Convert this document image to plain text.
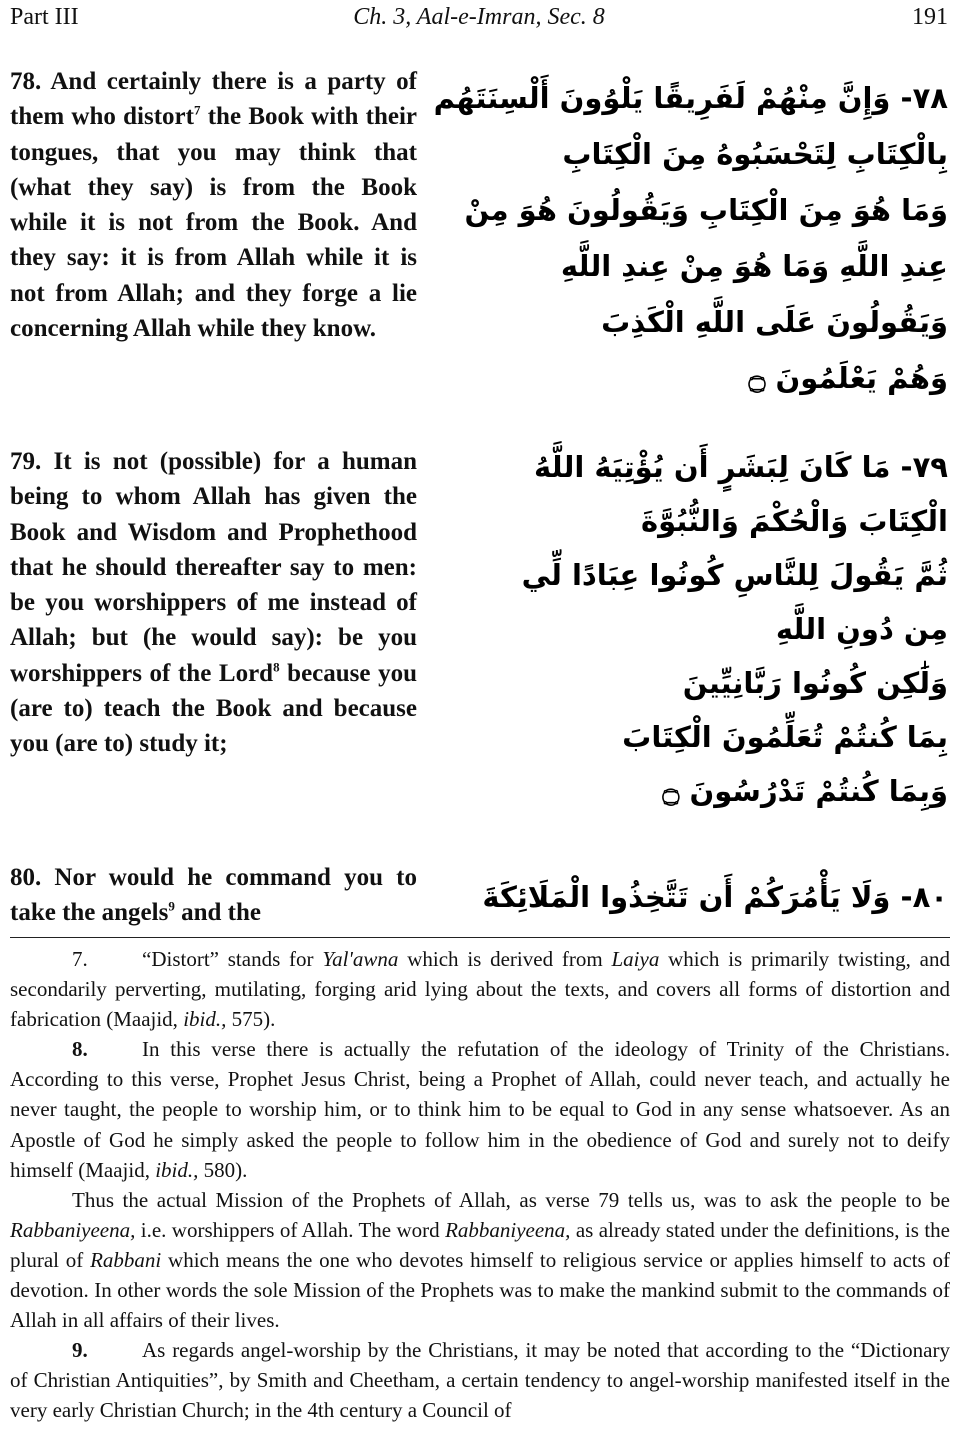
Part III	Ch. 3, Aal-e-Imran, Sec. 8	191
78. And certainly there is a party of them who distort$^7$ the Book with their tongues, that you may think that (what they say) is from the Book while it is not from the Book. And they say: it is from Allah while it is not from Allah; and they forge a lie concerning Allah while they know.
٧٨- وَإِنَّ مِنْهُمْ لَفَرِيقًا يَلْوُونَ أَلْسِنَتَهُم
بِالْكِتَابِ لِتَحْسَبُوهُ مِنَ الْكِتَابِ
وَمَا هُوَ مِنَ الْكِتَابِ وَيَقُولُونَ هُوَ مِنْ
عِندِ اللَّهِ وَمَا هُوَ مِنْ عِندِ اللَّهِ
وَيَقُولُونَ عَلَى اللَّهِ الْكَذِبَ
وَهُمْ يَعْلَمُونَ ۝
79. It is not (possible) for a human being to whom Allah has given the Book and Wisdom and Prophethood that he should thereafter say to men: be you worshippers of me instead of Allah; but (he would say): be you worshippers of the Lord$^8$ because you (are to) teach the Book and because you (are to) study it;
٧٩- مَا كَانَ لِبَشَرٍ أَن يُؤْتِيَهُ اللَّهُ
الْكِتَابَ وَالْحُكْمَ وَالنُّبُوَّةَ
ثُمَّ يَقُولَ لِلنَّاسِ كُونُوا عِبَادًا لِّي
مِن دُونِ اللَّهِ
وَلَٰكِن كُونُوا رَبَّانِيِّينَ
بِمَا كُنتُمْ تُعَلِّمُونَ الْكِتَابَ
وَبِمَا كُنتُمْ تَدْرُسُونَ ۝
80. Nor would he command you to take the angels$^9$ and the	٨٠- وَلَا يَأْمُرَكُمْ أَن تَتَّخِذُوا الْمَلَائِكَةَ

7.	“Distort” stands for Yal'awna which is derived from Laiya which is primarily twisting, and secondarily perverting, mutilating, forging arid lying about the texts, and covers all forms of distortion and fabrication (Maajid, ibid., 575).

8.	In this verse there is actually the refutation of the ideology of Trinity of the Christians. According to this verse, Prophet Jesus Christ, being a Prophet of Allah, could never teach, and actually he never taught, the people to worship him, or to think him to be equal to God in any sense whatsoever. As an Apostle of God he simply asked the people to follow him in the obedience of God and surely not to deify himself (Maajid, ibid., 580).

Thus the actual Mission of the Prophets of Allah, as verse 79 tells us, was to ask the people to be Rabbaniyeena, i.e. worshippers of Allah. The word Rabbaniyeena, as already stated under the definitions, is the plural of Rabbani which means the one who devotes himself to religious service or applies himself to acts of devotion. In other words the sole Mission of the Prophets was to make the mankind submit to the commands of Allah in all affairs of their lives.

9.	As regards angel-worship by the Christians, it may be noted that according to the “Dictionary of Christian Antiquities”, by Smith and Cheetham, a certain tendency to angel-worship manifested itself in the very early Christian Church; in the 4th century a Council of
